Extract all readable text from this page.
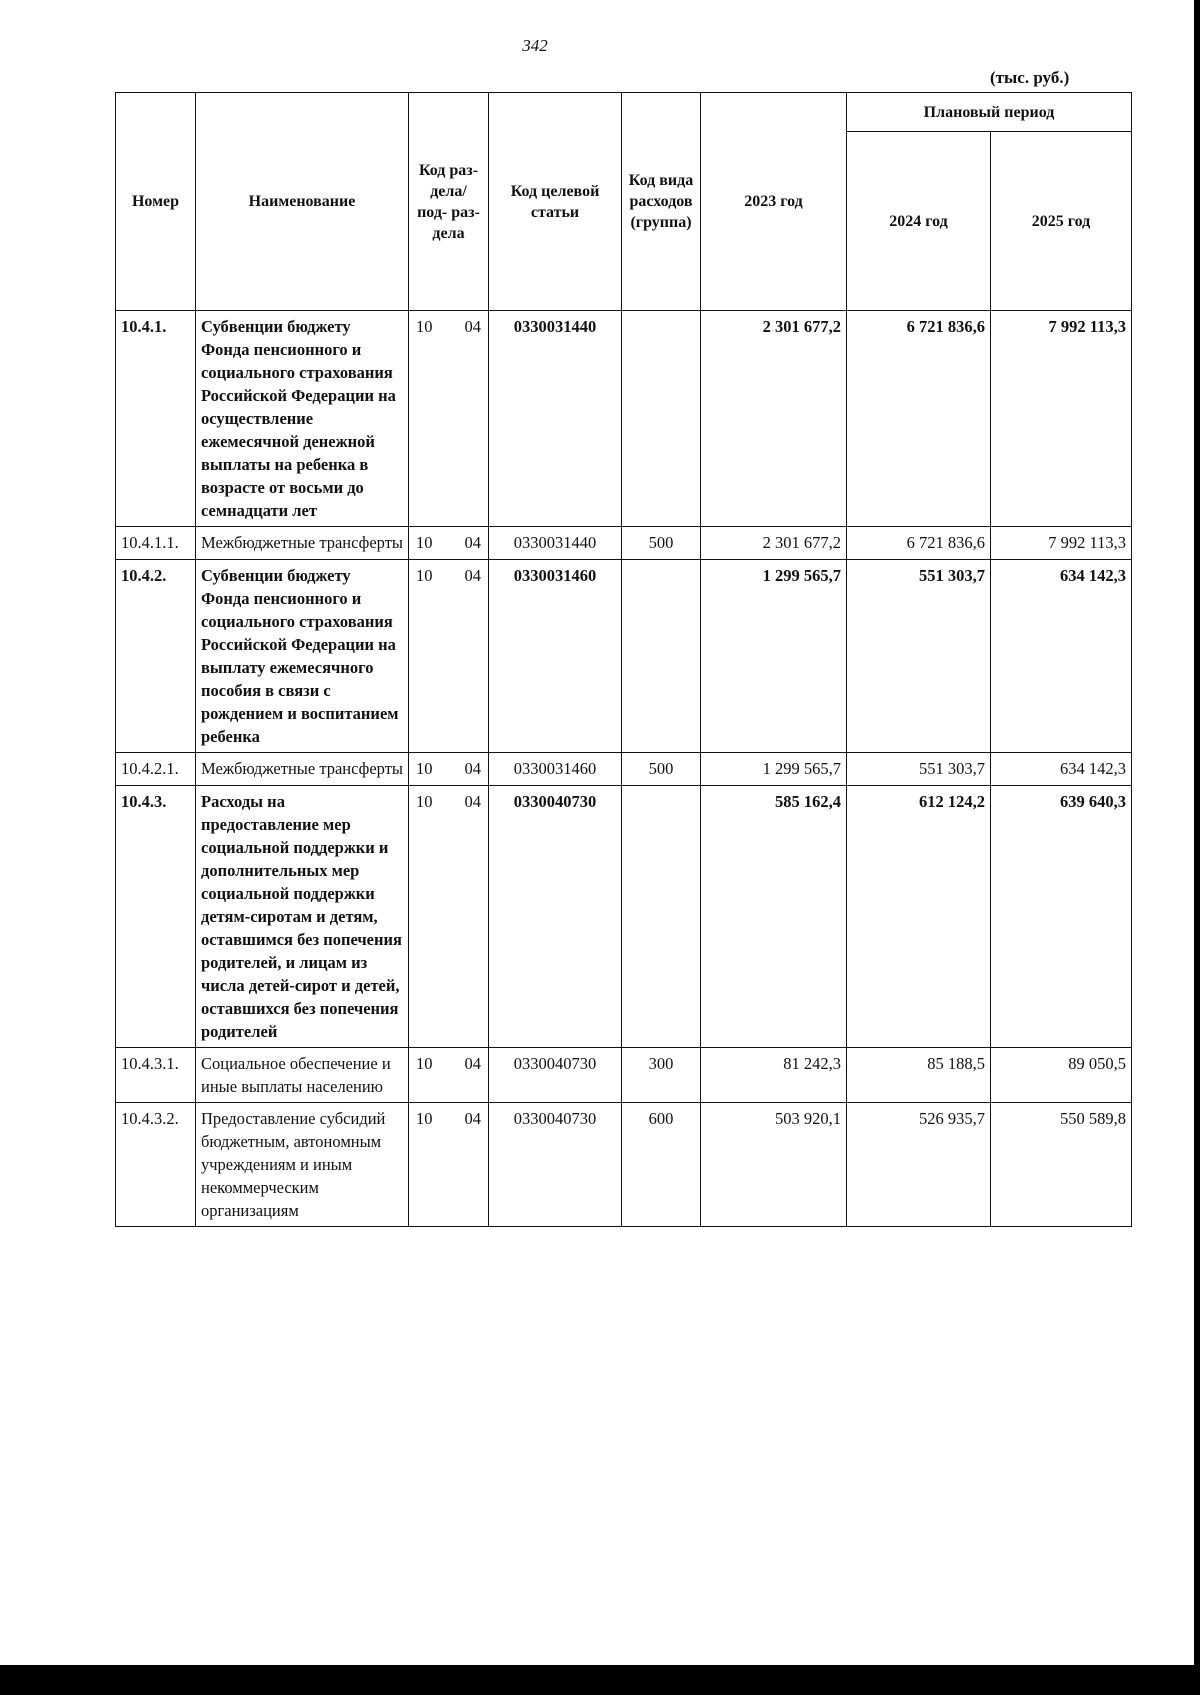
342
(тыс. руб.)
Номер	Наименование	Код раз- дела/ под- раз- дела	Код целевой статьи	Код вида расходов (группа)	2023 год	Плановый период	
						2024 год	2025 год
10.4.1.	Субвенции бюджету Фонда пенсионного и социального страхования Российской Федерации на осуществление ежемесячной денежной выплаты на ребенка в возрасте от восьми до семнадцати лет	10 04	0330031440		2 301 677,2	6 721 836,6	7 992 113,3
10.4.1.1.	Межбюджетные трансферты	10 04	0330031440	500	2 301 677,2	6 721 836,6	7 992 113,3
10.4.2.	Субвенции бюджету Фонда пенсионного и социального страхования Российской Федерации на выплату ежемесячного пособия в связи с рождением и воспитанием ребенка	10 04	0330031460		1 299 565,7	551 303,7	634 142,3
10.4.2.1.	Межбюджетные трансферты	10 04	0330031460	500	1 299 565,7	551 303,7	634 142,3
10.4.3.	Расходы на предоставление мер социальной поддержки и дополнительных мер социальной поддержки детям-сиротам и детям, оставшимся без попечения родителей, и лицам из числа детей-сирот и детей, оставшихся без попечения родителей	10 04	0330040730		585 162,4	612 124,2	639 640,3
10.4.3.1.	Социальное обеспечение и иные выплаты населению	10 04	0330040730	300	81 242,3	85 188,5	89 050,5
10.4.3.2.	Предоставление субсидий бюджетным, автономным учреждениям и иным некоммерческим организациям	10 04	0330040730	600	503 920,1	526 935,7	550 589,8
